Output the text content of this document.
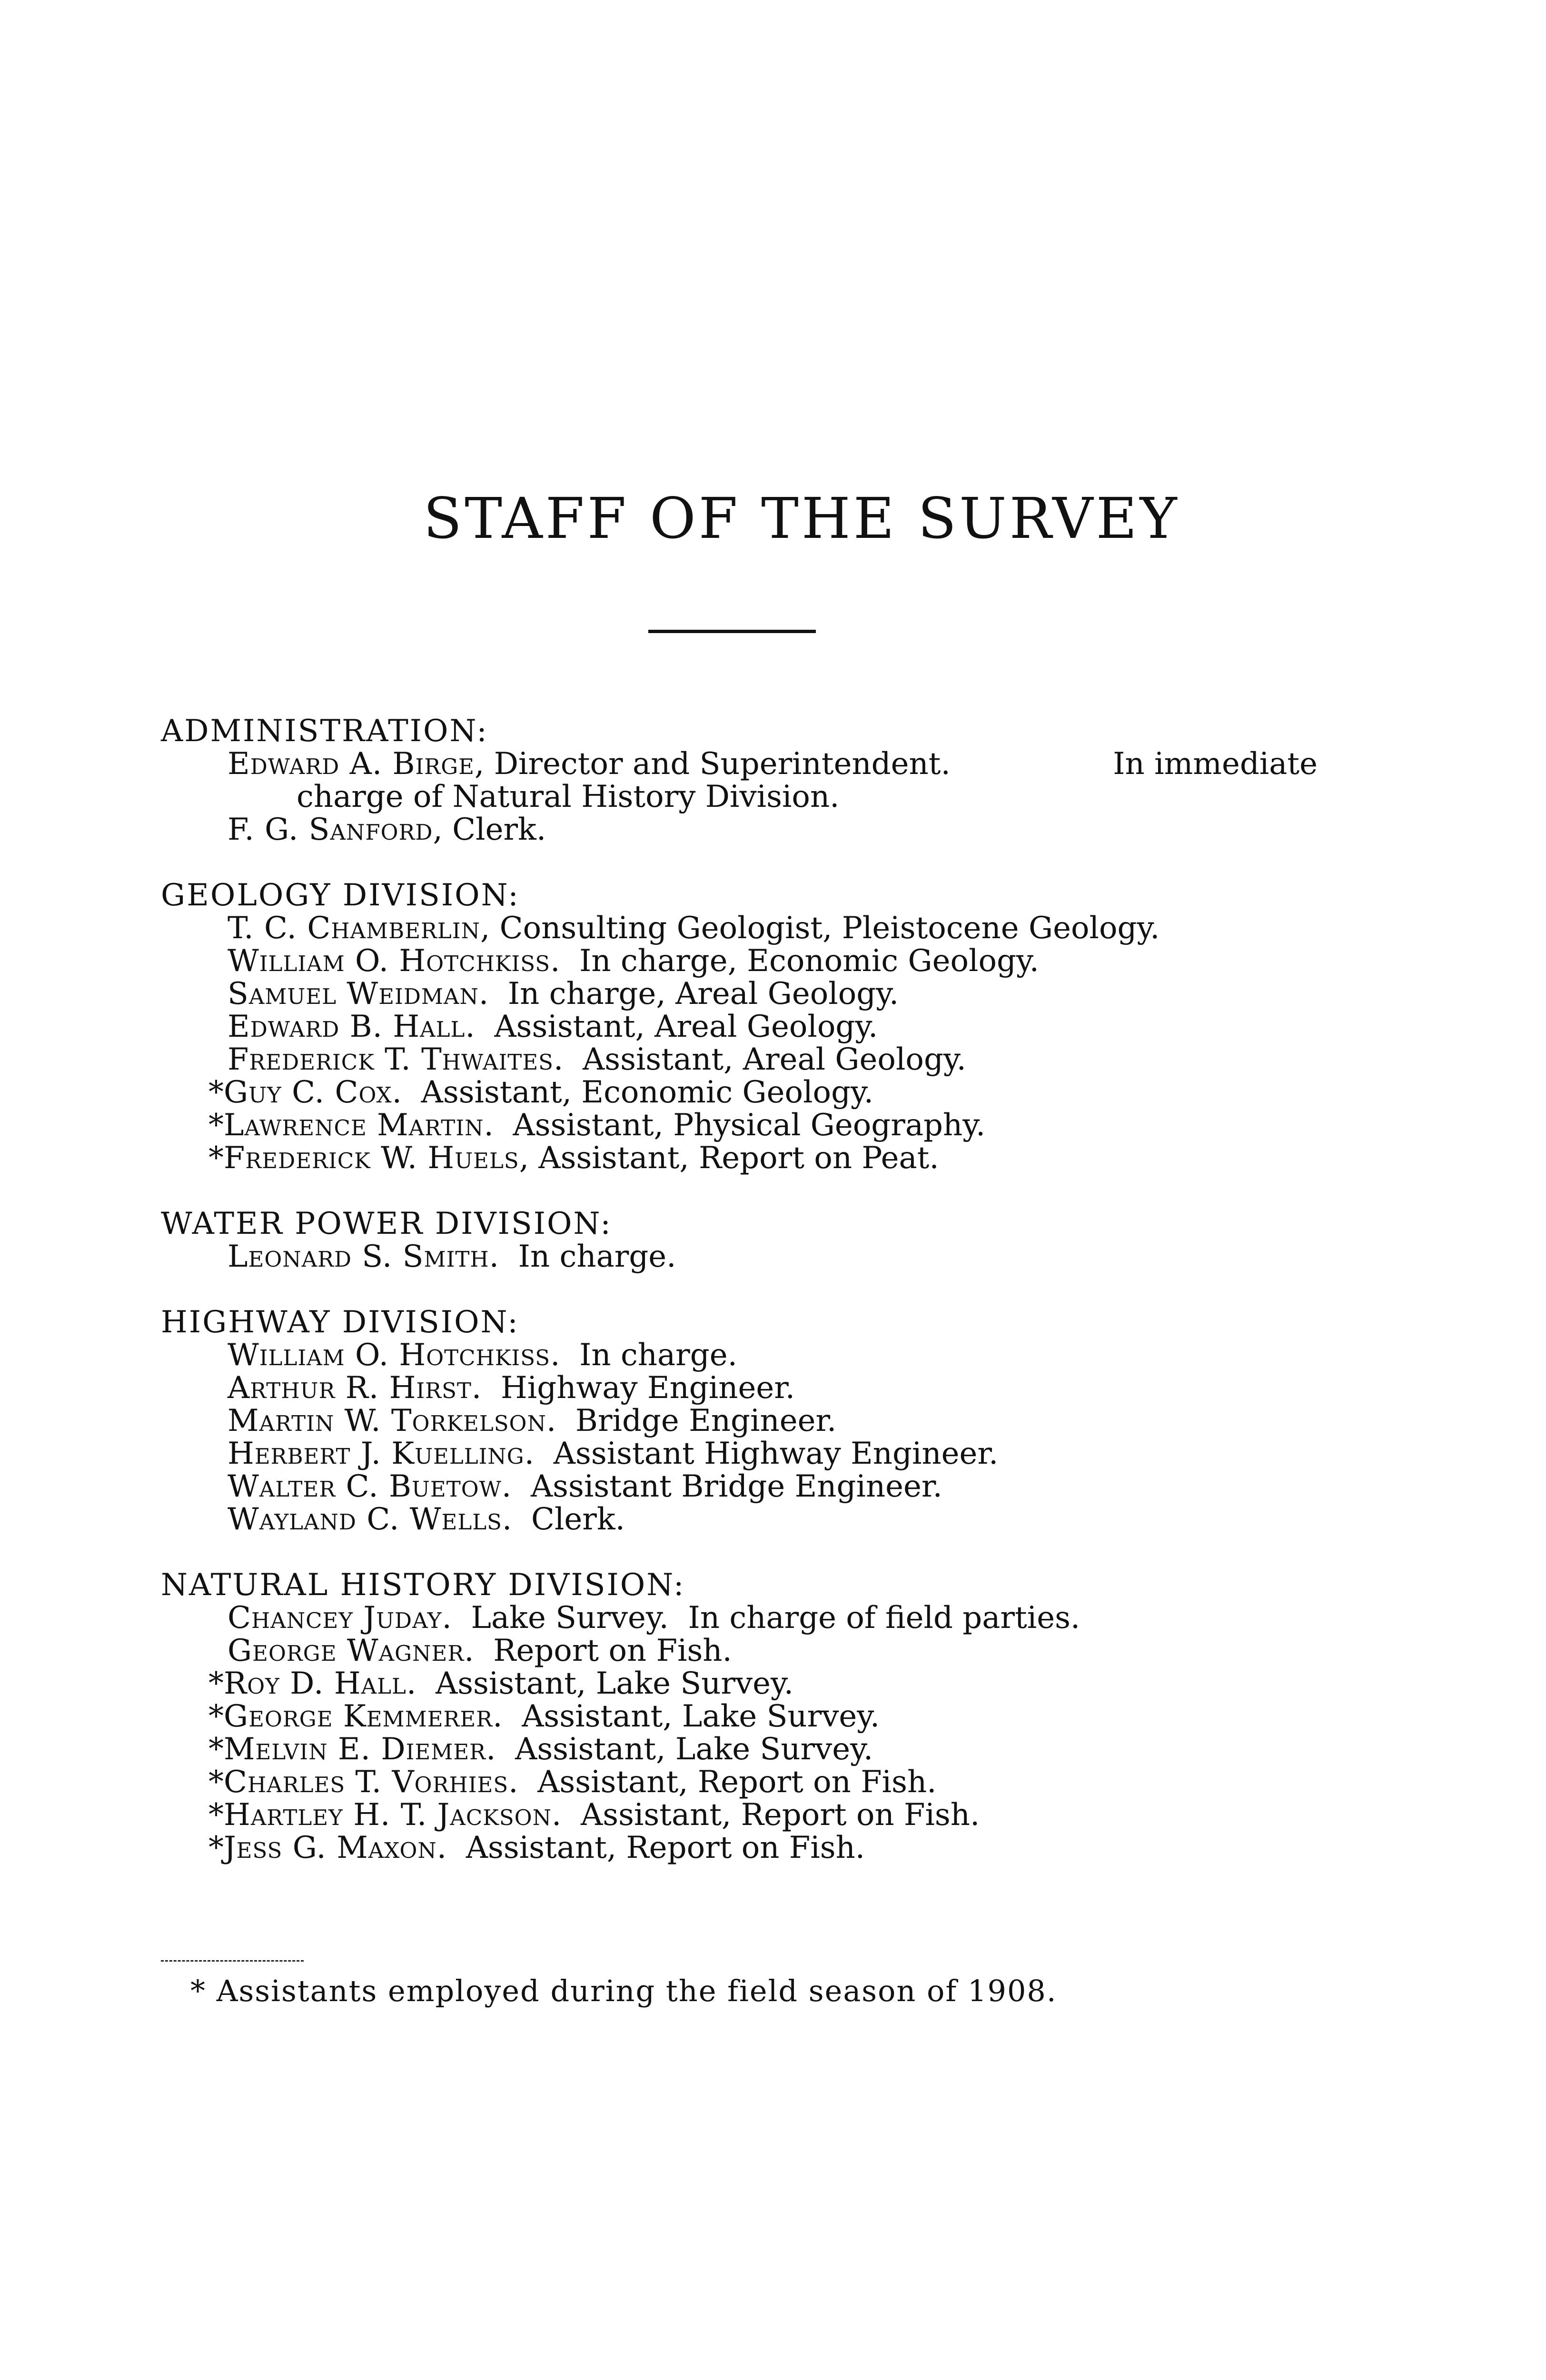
STAFF OF THE SURVEY
ADMINISTRATION:
Edward A. Birge, Director and Superintendent.	In immediate
charge of Natural History Division.
F. G. Sanford, Clerk.
GEOLOGY DIVISION:
T. C. Chamberlin, Consulting Geologist, Pleistocene Geology.
William O. Hotchkiss.  In charge, Economic Geology.
Samuel Weidman.  In charge, Areal Geology.
Edward B. Hall.  Assistant, Areal Geology.
Frederick T. Thwaites.  Assistant, Areal Geology.
*Guy C. Cox.  Assistant, Economic Geology.
*Lawrence Martin.  Assistant, Physical Geography.
*Frederick W. Huels, Assistant, Report on Peat.
WATER POWER DIVISION:
Leonard S. Smith.  In charge.
HIGHWAY DIVISION:
William O. Hotchkiss.  In charge.
Arthur R. Hirst.  Highway Engineer.
Martin W. Torkelson.  Bridge Engineer.
Herbert J. Kuelling.  Assistant Highway Engineer.
Walter C. Buetow.  Assistant Bridge Engineer.
Wayland C. Wells.  Clerk.
NATURAL HISTORY DIVISION:
Chancey Juday.  Lake Survey.  In charge of field parties.
George Wagner.  Report on Fish.
*Roy D. Hall.  Assistant, Lake Survey.
*George Kemmerer.  Assistant, Lake Survey.
*Melvin E. Diemer.  Assistant, Lake Survey.
*Charles T. Vorhies.  Assistant, Report on Fish.
*Hartley H. T. Jackson.  Assistant, Report on Fish.
*Jess G. Maxon.  Assistant, Report on Fish.
* Assistants employed during the field season of 1908.
